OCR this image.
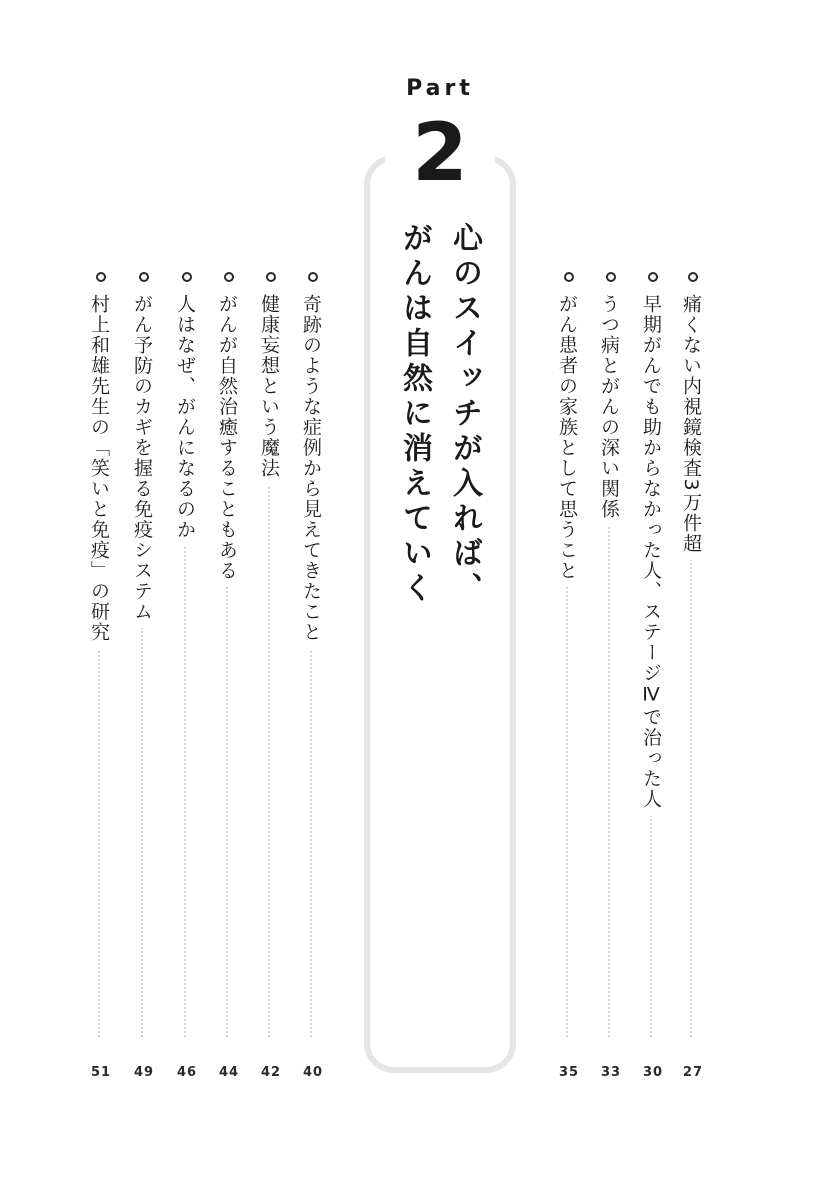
Part
2
心のスイッチが入れば、
がんは自然に消えていく	痛くない内視鏡検査3万件超
27
早期がんでも助からなかった人、ステージⅣで治った人
30
うつ病とがんの深い関係
33
がん患者の家族として思うこと
35
奇跡のような症例から見えてきたこと
40
健康妄想という魔法
42
がんが自然治癒することもある
44
人はなぜ、がんになるのか
46
がん予防のカギを握る免疫システム
49
村上和雄先生の「笑いと免疫」の研究
51
